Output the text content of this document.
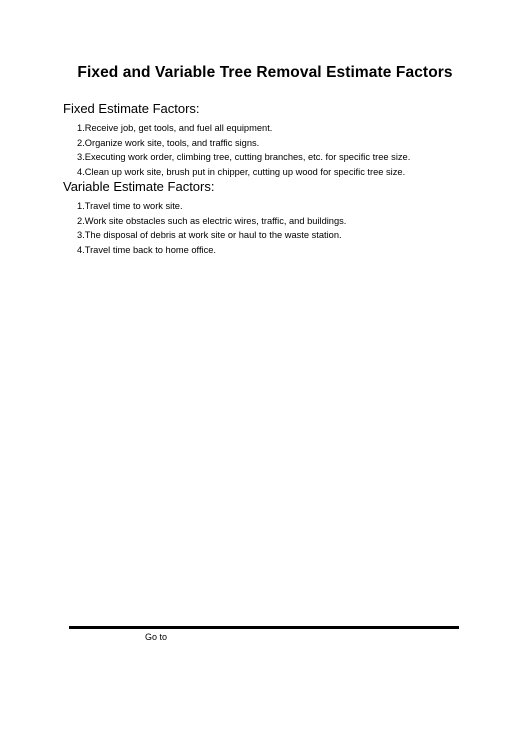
Fixed and Variable Tree Removal Estimate Factors
Fixed Estimate Factors:
1.Receive job, get tools, and fuel all equipment.
2.Organize work site, tools, and traffic signs.
3.Executing work order, climbing tree, cutting branches, etc. for specific tree size.
4.Clean up work site, brush put in chipper, cutting up wood for specific tree size.
Variable Estimate Factors:
1.Travel time to work site.
2.Work site obstacles such as electric wires, traffic, and buildings.
3.The disposal of debris at work site or haul to the waste station.
4.Travel time back to home office.
Go to
